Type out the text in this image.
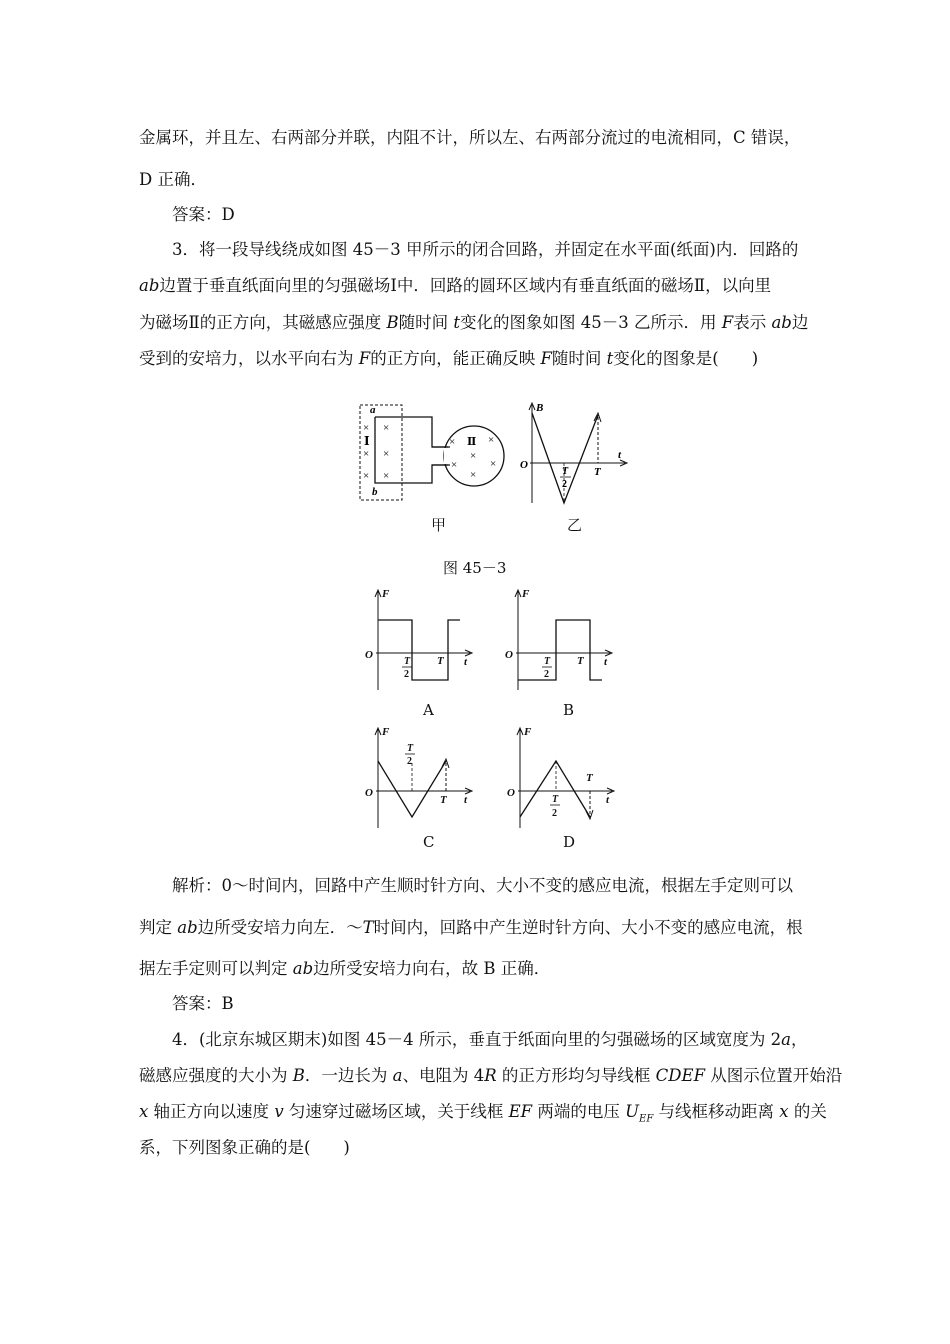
金属环，并且左、右两部分并联，内阻不计，所以左、右两部分流过的电流相同，C 错误，
D 正确．
答案：D
3．将一段导线绕成如图 45－3 甲所示的闭合回路，并固定在水平面(纸面)内．回路的
ab边置于垂直纸面向里的匀强磁场Ⅰ中．回路的圆环区域内有垂直纸面的磁场Ⅱ，以向里
为磁场Ⅱ的正方向，其磁感应强度 B随时间 t变化的图象如图 45－3 乙所示．用 F表示 ab边
受到的安培力，以水平向右为 F的正方向，能正确反映 F随时间 t变化的图象是(　　)
a
b
Ⅰ	Ⅱ
×
×
×
×
×
×
×
×
×
×
×
×
B
O
t
T
T
2
甲	乙
图 45－3
F
O
t
T
T
2
F
O
t
T
T
2
F
O
t
T
T
2
F
O
t
T
T
2
A	B
C	D
解析：0～时间内，回路中产生顺时针方向、大小不变的感应电流，根据左手定则可以
判定 ab边所受安培力向左．～T时间内，回路中产生逆时针方向、大小不变的感应电流，根
据左手定则可以判定 ab边所受安培力向右，故 B 正确．
答案：B
4．(北京东城区期末)如图 45－4 所示，垂直于纸面向里的匀强磁场的区域宽度为 2a，
磁感应强度的大小为 B．一边长为 a、电阻为 4R 的正方形均匀导线框 CDEF 从图示位置开始沿
x 轴正方向以速度 v 匀速穿过磁场区域，关于线框 EF 两端的电压 $U_{EF}$ 与线框移动距离 x 的关
系，下列图象正确的是(　　)
